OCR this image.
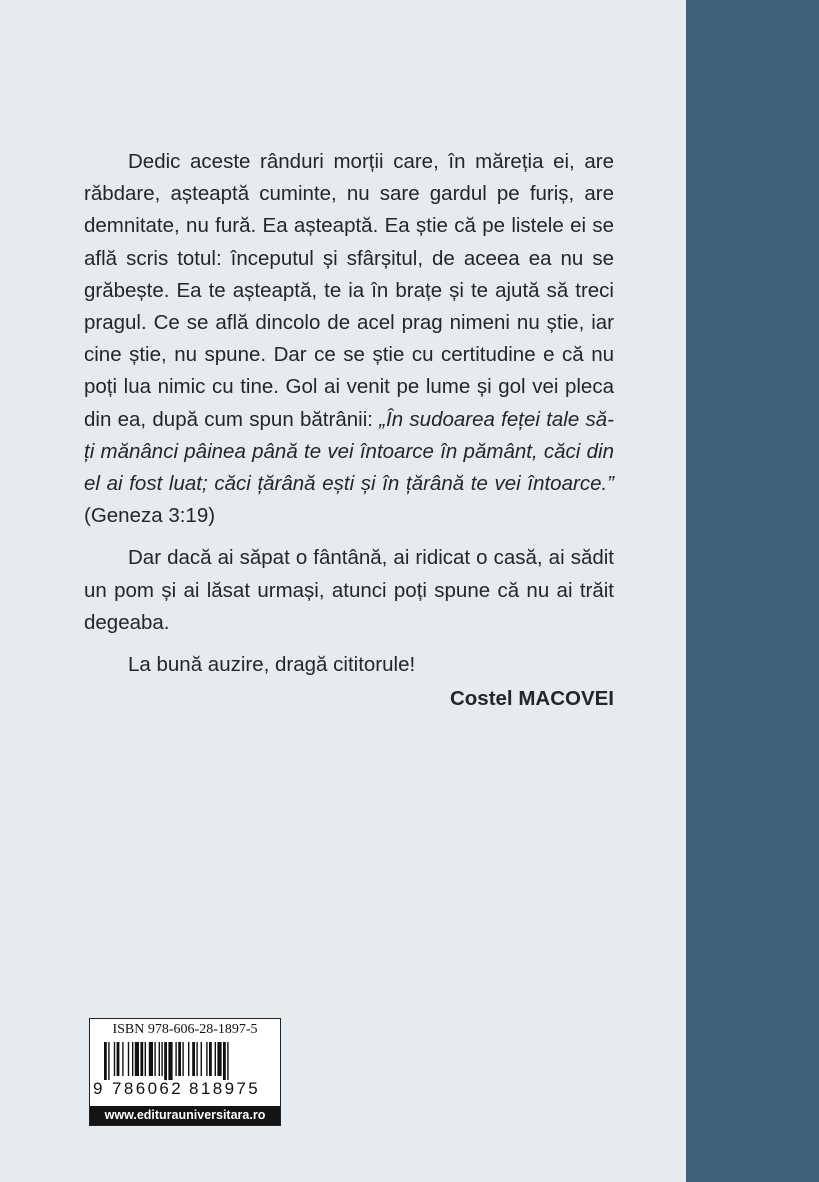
Dedic aceste rânduri morții care, în măreția ei, are răbdare, așteaptă cuminte, nu sare gardul pe furiș, are demnitate, nu fură. Ea așteaptă. Ea știe că pe listele ei se află scris totul: începutul și sfârșitul, de aceea ea nu se grăbește. Ea te așteaptă, te ia în brațe și te ajută să treci pragul. Ce se află dincolo de acel prag nimeni nu știe, iar cine știe, nu spune. Dar ce se știe cu certitudine e că nu poți lua nimic cu tine. Gol ai venit pe lume și gol vei pleca din ea, după cum spun bătrânii: „În sudoarea feței tale să-ți mănânci pâinea până te vei întoarce în pământ, căci din el ai fost luat; căci țărână ești și în țărână te vei întoarce.” (Geneza 3:19)

Dar dacă ai săpat o fântână, ai ridicat o casă, ai sădit un pom și ai lăsat urmași, atunci poți spune că nu ai trăit degeaba.

La bună auzire, dragă cititorule!

Costel MACOVEI
ISBN 978-606-28-1897-5
9 786062 818975
www.editurauniversitara.ro
